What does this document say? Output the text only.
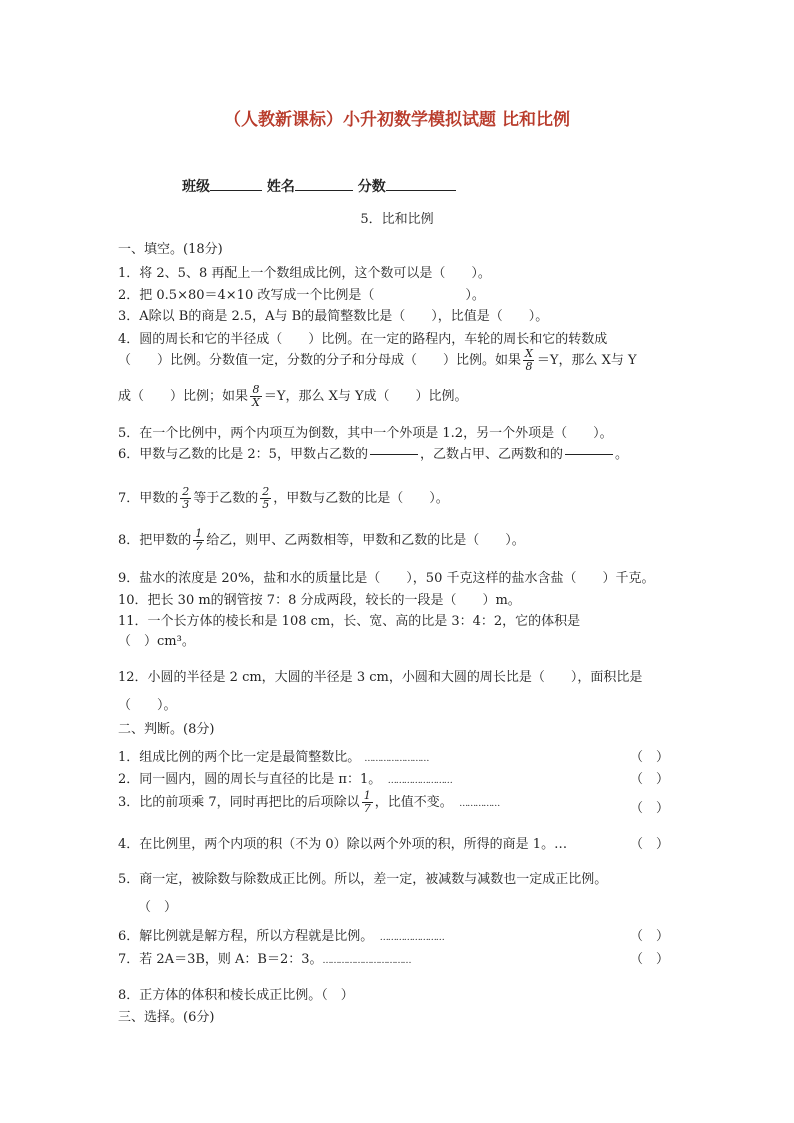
（人教新课标）小升初数学模拟试题 比和比例
班级	姓名	分数
5．比和比例
一、填空。(18分)
1．将 2、5、8 再配上一个数组成比例，这个数可以是（　　）。
2．把 0.5×80＝4×10 改写成一个比例是（　　　　　　　）。
3．A除以 B的商是 2.5，A与 B的最简整数比是（　　），比值是（　　）。
4．圆的周长和它的半径成（　　）比例。在一定的路程内，车轮的周长和它的转数成
（　　）比例。分数值一定，分数的分子和分母成（　　）比例。如果 $\frac{X}{8} =Y$，那么 X与 Y
成（　　）比例；如果 $\frac{8}{X} =Y$，那么 X与 Y成（　　）比例。
5．在一个比例中，两个内项互为倒数，其中一个外项是 1.2，另一个外项是（　　）。
6．甲数与乙数的比是 2：5，甲数占乙数的	，乙数占甲、乙两数和的	。
7．甲数的 $\frac{2}{3}$ 等于乙数的 $\frac{2}{5}$ ，甲数与乙数的比是（　　）。
8．把甲数的 $\frac{1}{7}$ 给乙，则甲、乙两数相等，甲数和乙数的比是（　　）。
9．盐水的浓度是 20%，盐和水的质量比是（　　），50 千克这样的盐水含盐（　　）千克。
10．把长 30 m的钢管按 7：8 分成两段，较长的一段是（　　）m。
11．一个长方体的棱长和是 108 cm，长、宽、高的比是 3：4：2，它的体积是
（　）cm³。
12．小圆的半径是 2 cm，大圆的半径是 3 cm，小圆和大圆的周长比是（　　），面积比是
（　　）。
二、判断。(8分)
1．组成比例的两个比一定是最简整数比。 ……………………	（　）
2．同一圆内，圆的周长与直径的比是 π：1。　 ……………………	（　）
3．比的前项乘 7，同时再把比的后项除以 $\frac{1}{7}$ ，比值不变。　 ……………	（　）
4．在比例里，两个内项的积（不为 0）除以两个外项的积，所得的商是 1。…	（　）
5．商一定，被除数与除数成正比例。所以，差一定，被减数与减数也一定成正比例。
（　）
6．解比例就是解方程，所以方程就是比例。　 ……………………	（　）
7．若 2A＝3B，则 A：B＝2：3。……………………………	（　）
8．正方体的体积和棱长成正比例。（　）
三、选择。(6分)
